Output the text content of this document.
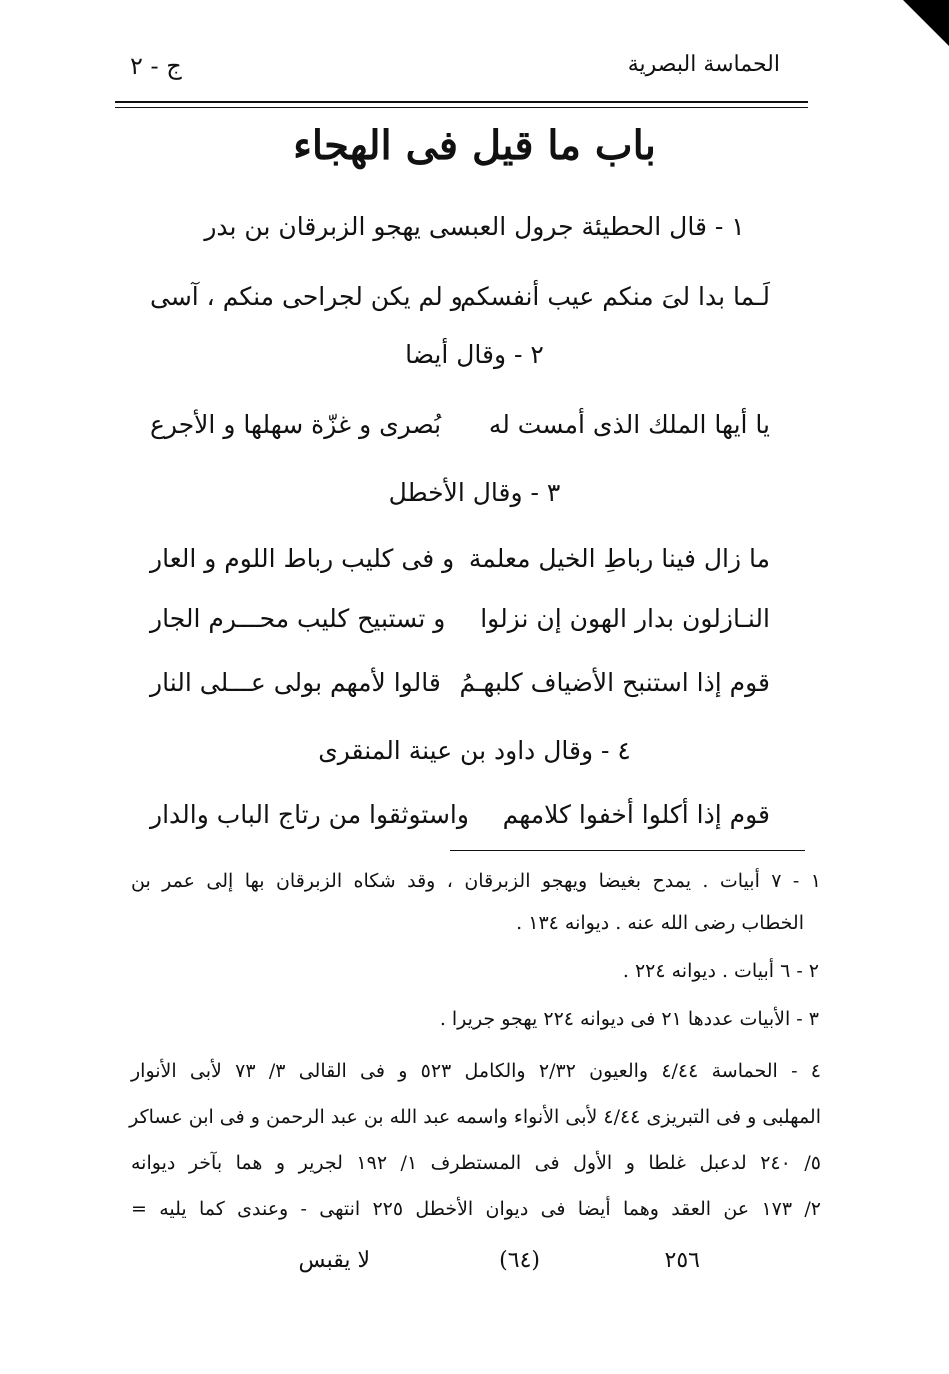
الحماسة البصرية
ج - ٢
باب ما قيل فى الهجاء
١ - قال الحطيئة جرول العبسى يهجو الزبرقان بن بدر
لَـما بدا لىَ منكم عيب أنفسكم
و لم يكن لجراحى منكم ، آسى
٢ - وقال أيضا
يا أيها الملك الذى أمست له
بُصرى و غزّة سهلها و الأجرع
٣ - وقال الأخطل
ما زال فينا رباطِ الخيل معلمة
و فى كليب رباط اللوم و العار
النـازلون بدار الهون إن نزلوا
و تستبيح كليب محـــرم الجار
قوم إذا استنبح الأضياف كلبهـمُ
قالوا لأمهم بولى عـــلى النار
٤ - وقال داود بن عينة المنقرى
قوم إذا أكلوا أخفوا كلامهم
واستوثقوا من رتاج الباب والدار
١ - ٧ أبيات . يمدح بغيضا ويهجو الزبرقان ، وقد شكاه الزبرقان بها إلى عمر بن
الخطاب رضى الله عنه . ديوانه ١٣٤ .
٢ - ٦ أبيات . ديوانه ٢٢٤ .
٣ - الأبيات عددها ٢١ فى ديوانه ٢٢٤ يهجو جريرا .
٤ - الحماسة ٤/٤٤ والعيون ٢/٣٢ والكامل ٥٢٣ و فى القالى ٣/ ٧٣ لأبى الأنوار
المهلبى و فى التبريزى ٤/٤٤ لأبى الأنواء واسمه عبد الله بن عبد الرحمن و فى ابن عساكر
٥/ ٢٤٠ لدعبل غلطا و الأول فى المستطرف ١/ ١٩٢ لجرير و هما بآخر ديوانه
٢/ ١٧٣ عن العقد وهما أيضا فى ديوان الأخطل ٢٢٥ انتهى - وعندى كما يليه =
٢٥٦
(٦٤)
لا يقبس
